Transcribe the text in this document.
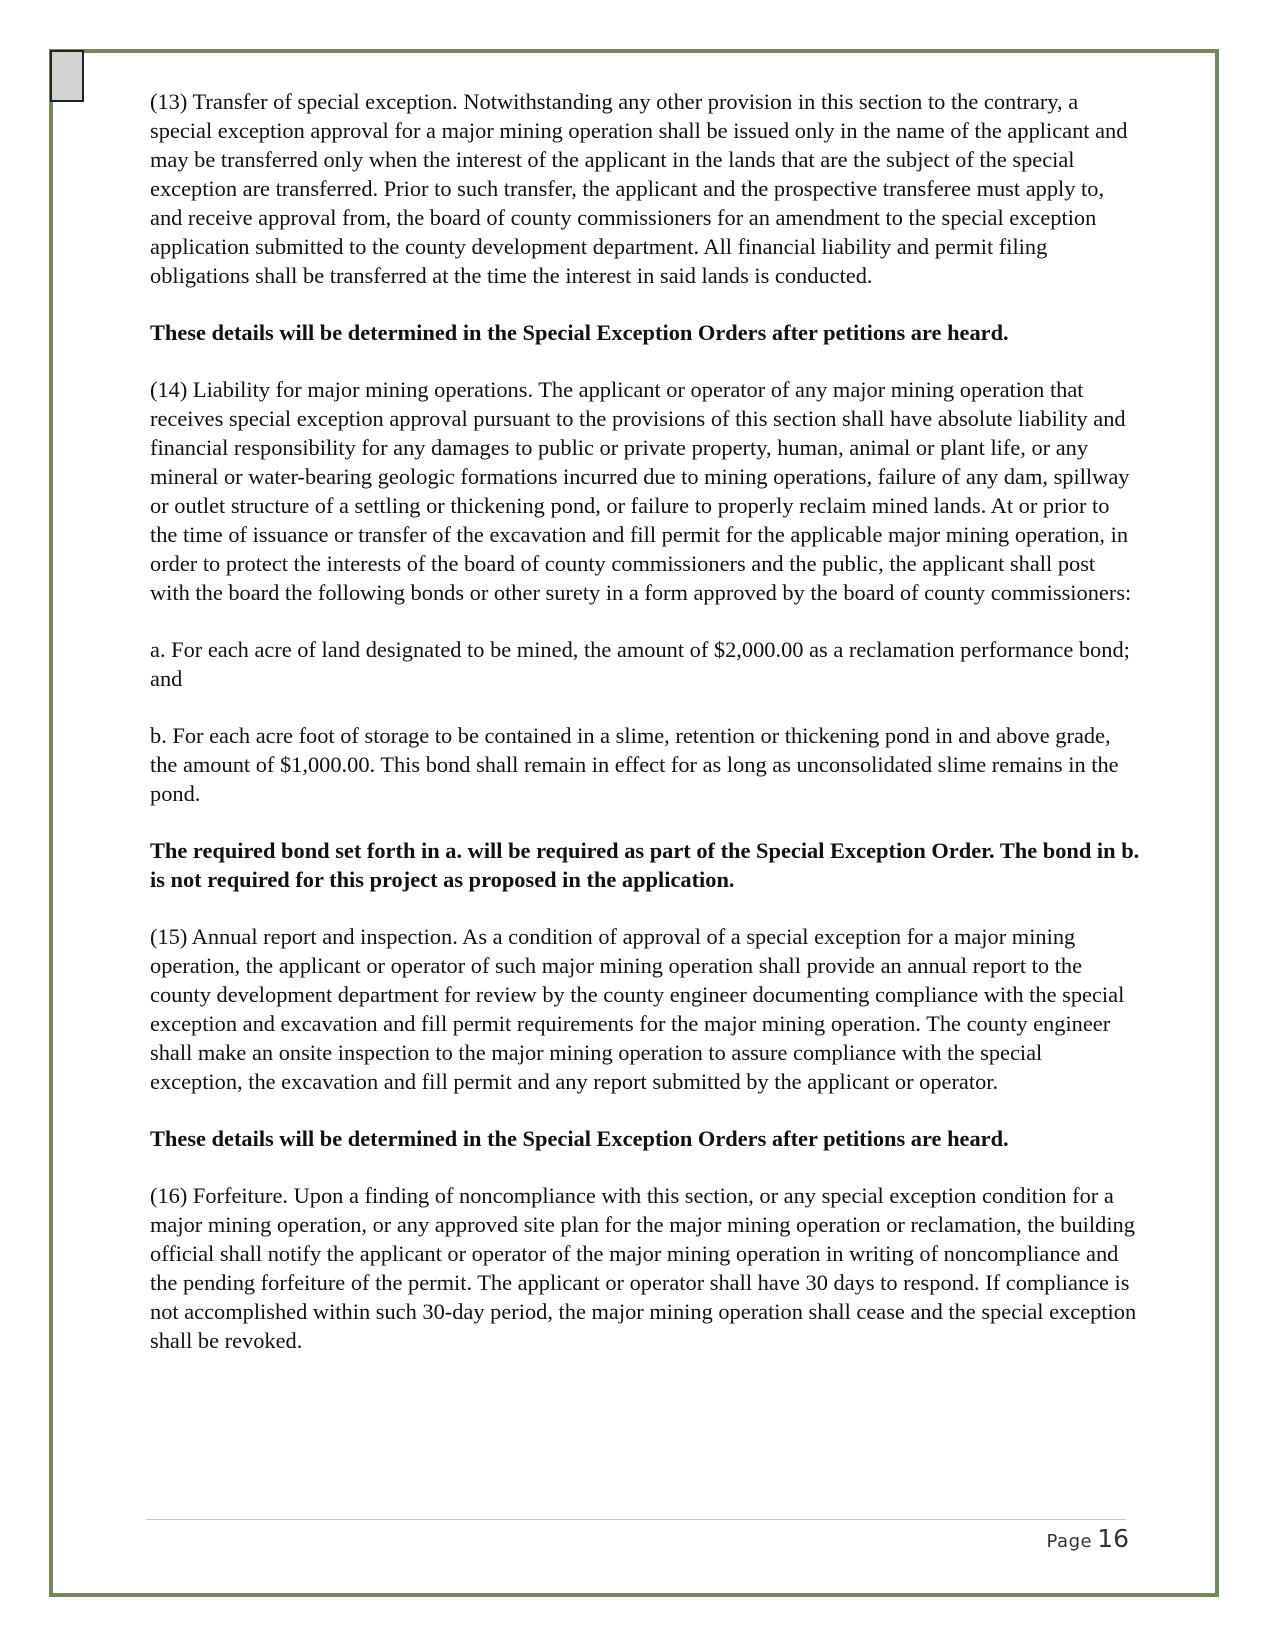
(13) Transfer of special exception. Notwithstanding any other provision in this section to the contrary, a special exception approval for a major mining operation shall be issued only in the name of the applicant and may be transferred only when the interest of the applicant in the lands that are the subject of the special exception are transferred. Prior to such transfer, the applicant and the prospective transferee must apply to, and receive approval from, the board of county commissioners for an amendment to the special exception application submitted to the county development department. All financial liability and permit filing obligations shall be transferred at the time the interest in said lands is conducted.

These details will be determined in the Special Exception Orders after petitions are heard.

(14) Liability for major mining operations. The applicant or operator of any major mining operation that receives special exception approval pursuant to the provisions of this section shall have absolute liability and financial responsibility for any damages to public or private property, human, animal or plant life, or any mineral or water-bearing geologic formations incurred due to mining operations, failure of any dam, spillway or outlet structure of a settling or thickening pond, or failure to properly reclaim mined lands. At or prior to the time of issuance or transfer of the excavation and fill permit for the applicable major mining operation, in order to protect the interests of the board of county commissioners and the public, the applicant shall post with the board the following bonds or other surety in a form approved by the board of county commissioners:

a. For each acre of land designated to be mined, the amount of $2,000.00 as a reclamation performance bond; and

b. For each acre foot of storage to be contained in a slime, retention or thickening pond in and above grade, the amount of $1,000.00. This bond shall remain in effect for as long as unconsolidated slime remains in the pond.

The required bond set forth in a. will be required as part of the Special Exception Order. The bond in b. is not required for this project as proposed in the application.

(15) Annual report and inspection. As a condition of approval of a special exception for a major mining operation, the applicant or operator of such major mining operation shall provide an annual report to the county development department for review by the county engineer documenting compliance with the special exception and excavation and fill permit requirements for the major mining operation. The county engineer shall make an onsite inspection to the major mining operation to assure compliance with the special exception, the excavation and fill permit and any report submitted by the applicant or operator.

These details will be determined in the Special Exception Orders after petitions are heard.

(16) Forfeiture. Upon a finding of noncompliance with this section, or any special exception condition for a major mining operation, or any approved site plan for the major mining operation or reclamation, the building official shall notify the applicant or operator of the major mining operation in writing of noncompliance and the pending forfeiture of the permit. The applicant or operator shall have 30 days to respond. If compliance is not accomplished within such 30-day period, the major mining operation shall cease and the special exception shall be revoked.

Page 16
